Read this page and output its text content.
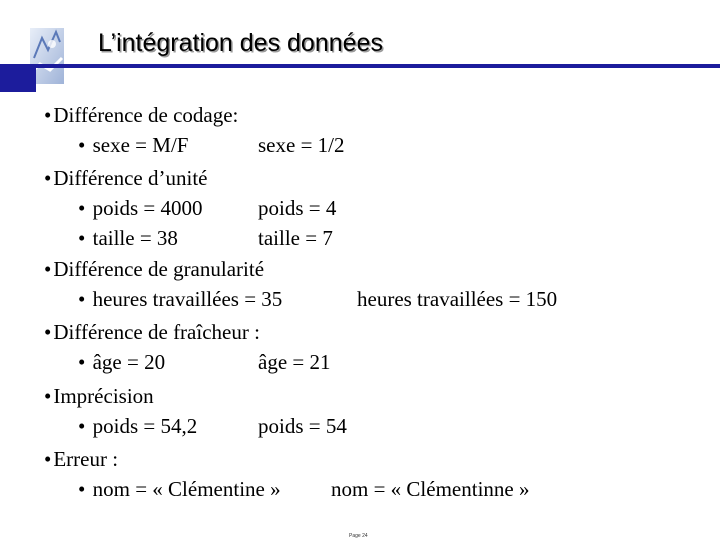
L’intégration des données
•Différence de codage:
• sexe = M/F	sexe = 1/2
•Différence d’unité
• poids = 4000	poids = 4
• taille = 38	taille = 7
•Différence de granularité
• heures travaillées = 35	heures travaillées = 150
•Différence de fraîcheur :
• âge = 20	âge = 21
•Imprécision
• poids = 54,2	poids = 54
•Erreur :
• nom = « Clémentine » nom = « Clémentinne »
Page 24
